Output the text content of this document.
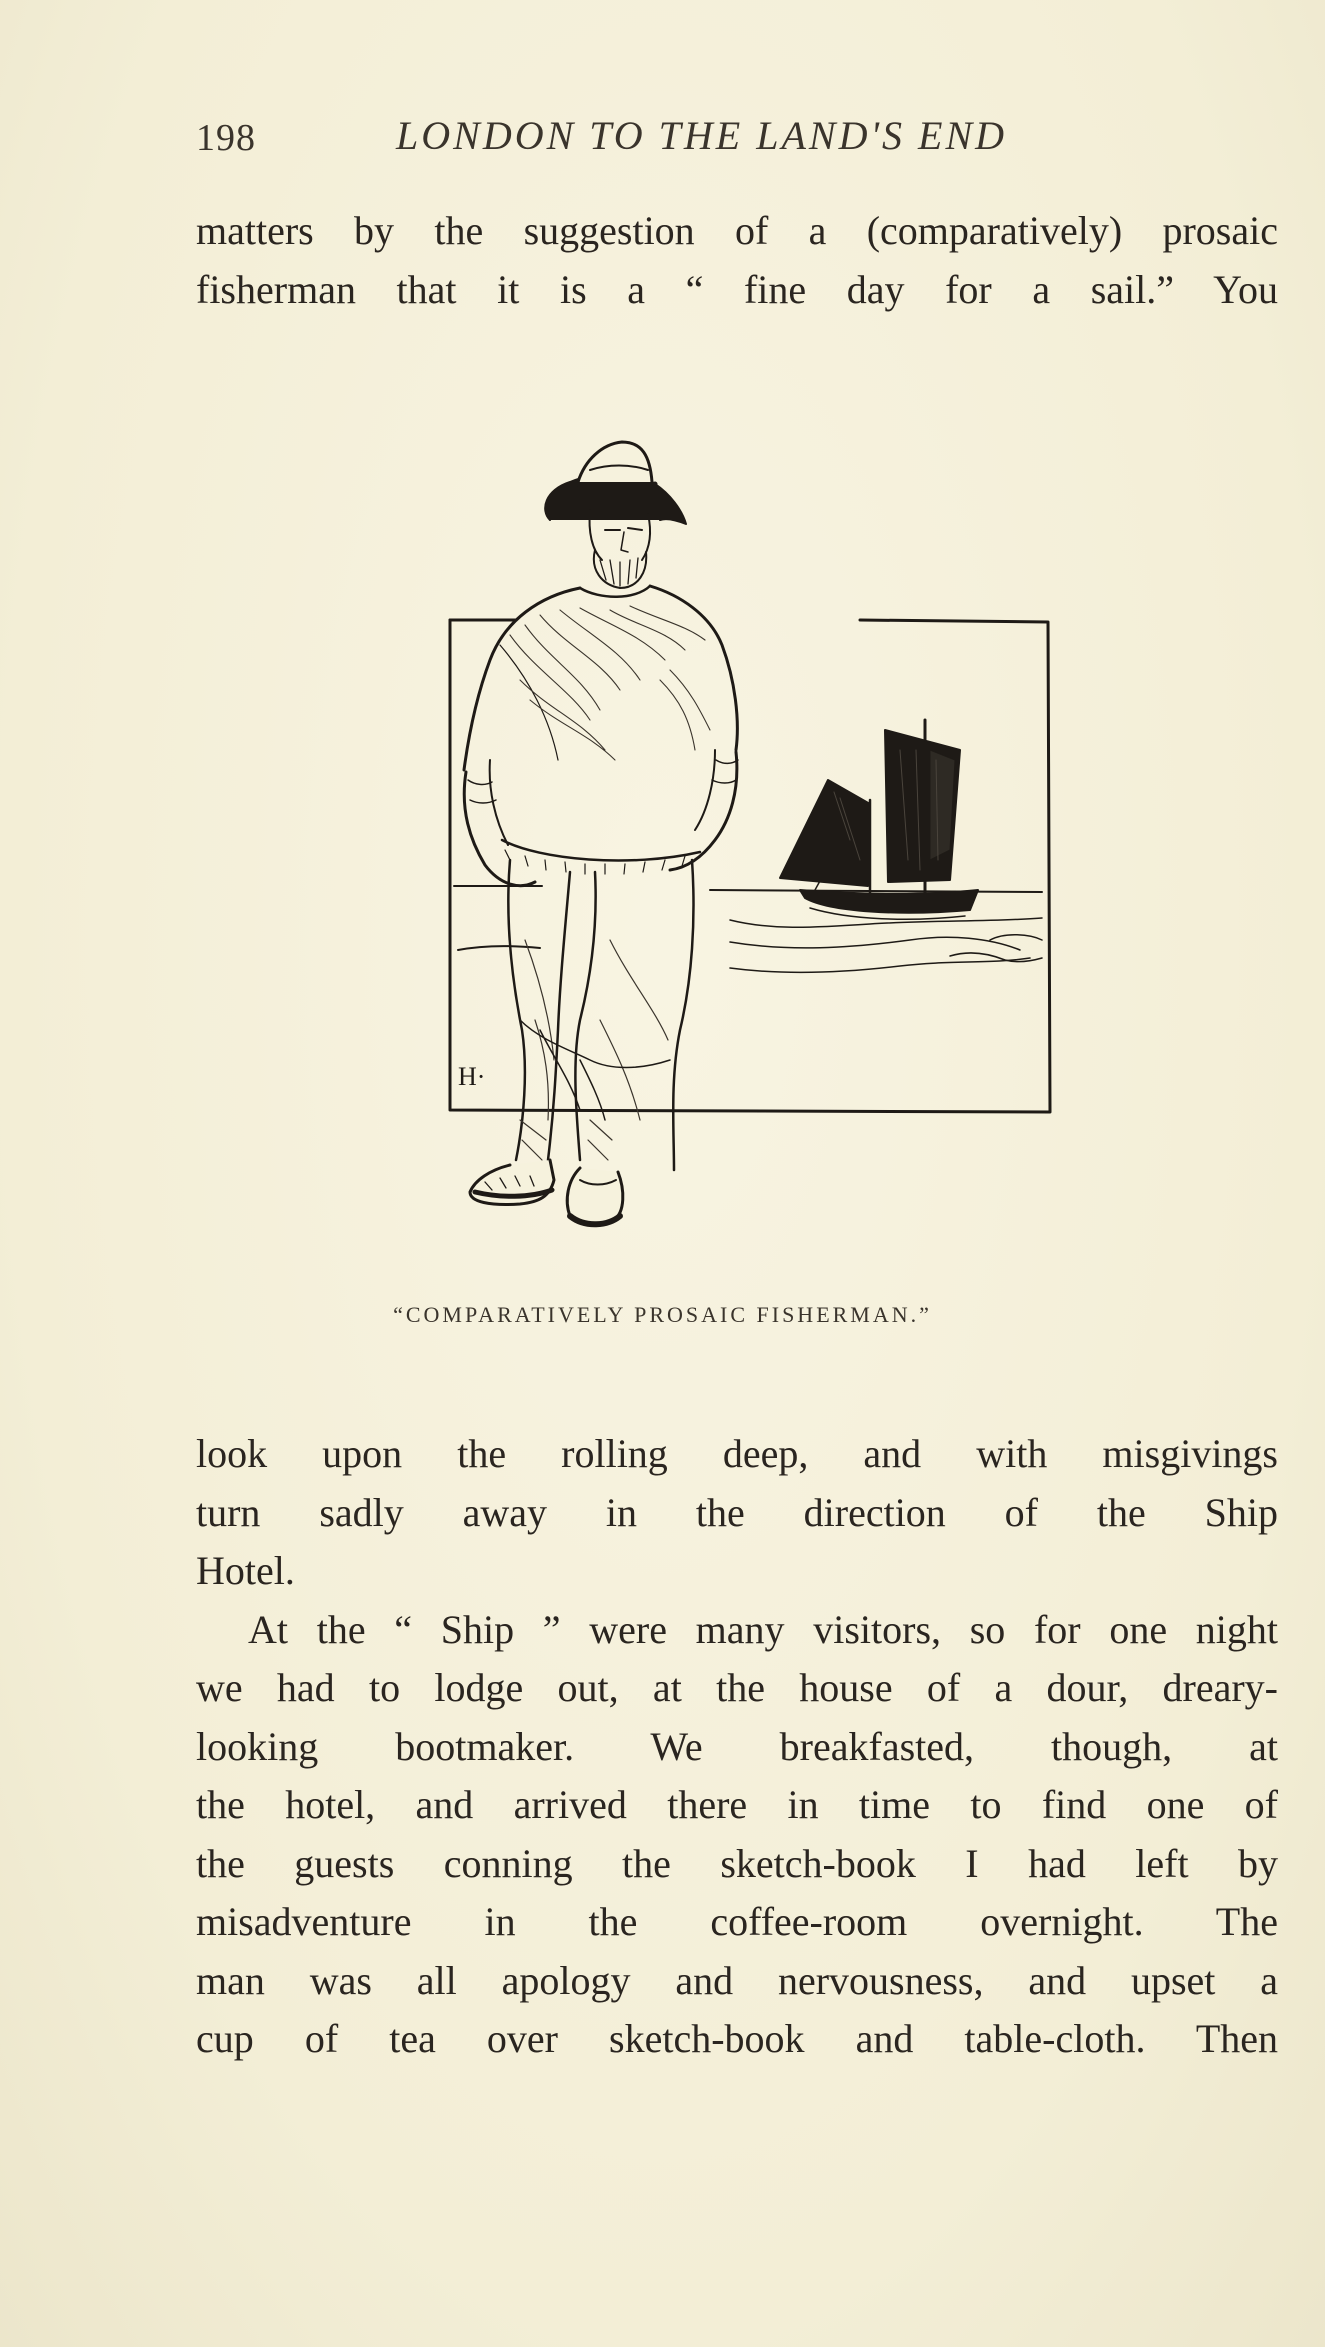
198	LONDON TO THE LAND'S END

matters by the suggestion of a (comparatively) prosaic

fisherman that it is a “ fine day for a sail.” You

H·
“COMPARATIVELY PROSAIC FISHERMAN.”

look upon the rolling deep, and with misgivings

turn sadly away in the direction of the Ship

Hotel.

At the “ Ship ” were many visitors, so for one night

we had to lodge out, at the house of a dour, dreary-

looking bootmaker. We breakfasted, though, at

the hotel, and arrived there in time to find one of

the guests conning the sketch-book I had left by

misadventure in the coffee-room overnight. The

man was all apology and nervousness, and upset a

cup of tea over sketch-book and table-cloth. Then
